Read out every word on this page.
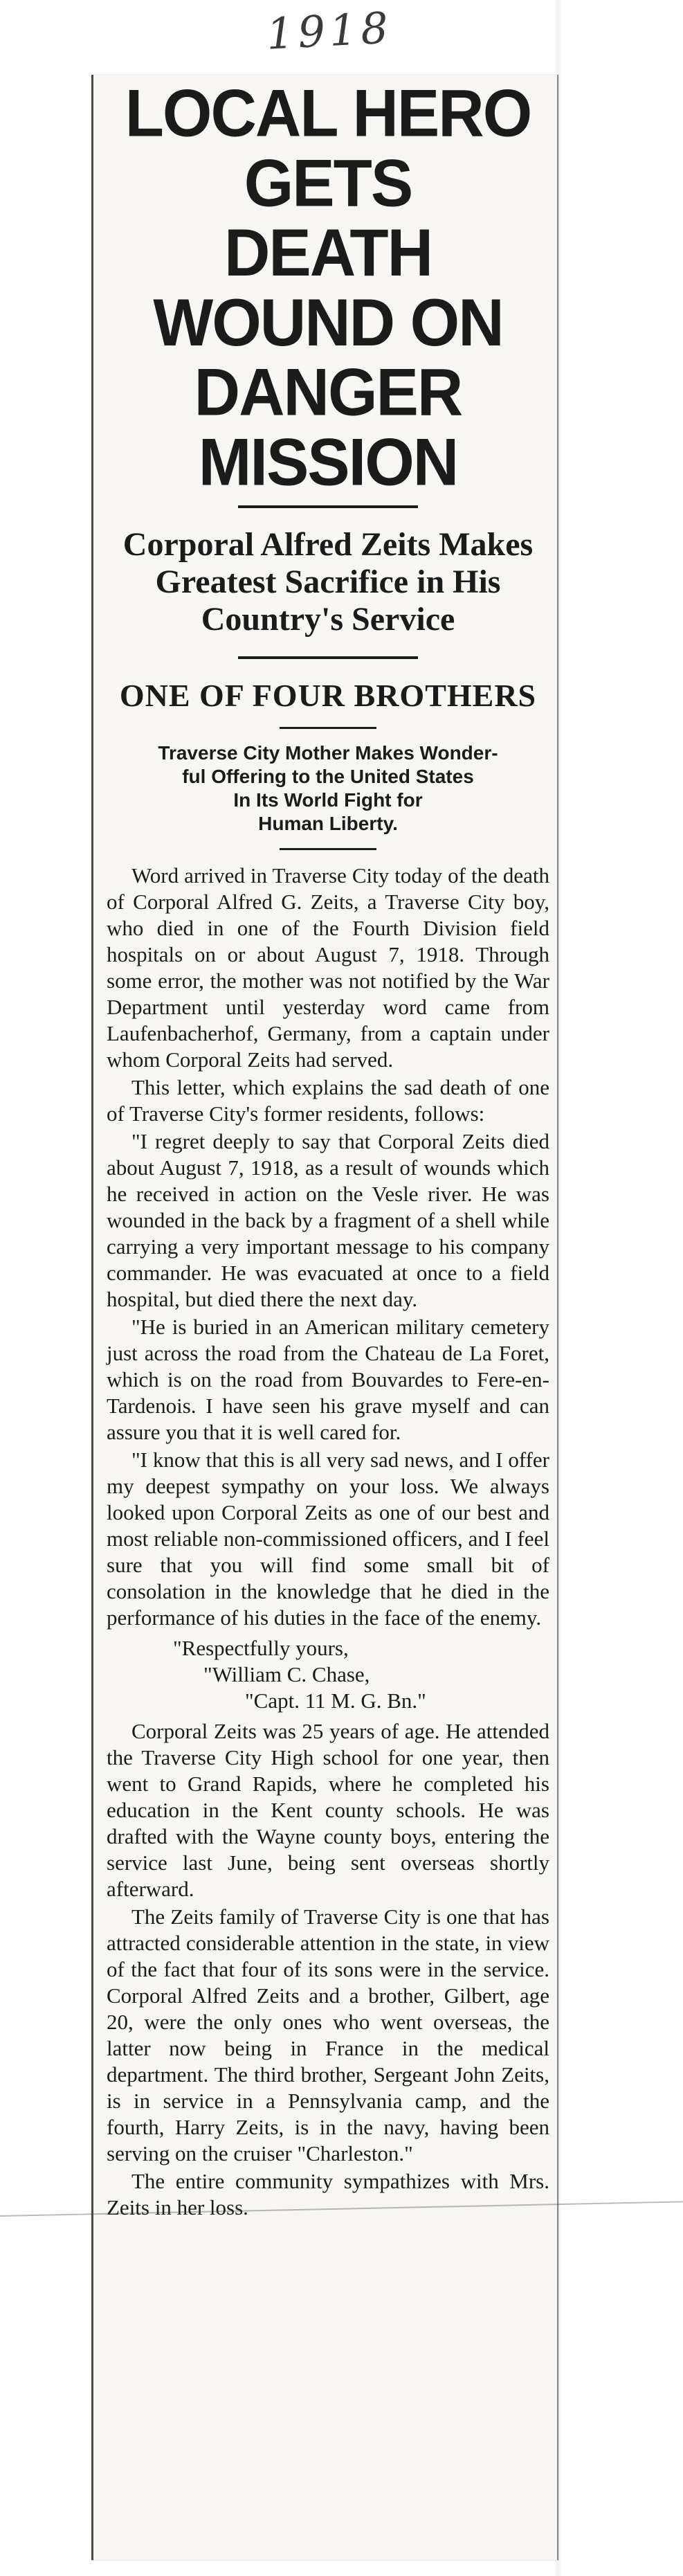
1918
LOCAL HERO GETS
DEATH WOUND ON
DANGER MISSION
Corporal Alfred Zeits Makes
Greatest Sacrifice in His
Country's Service
ONE OF FOUR BROTHERS
Traverse City Mother Makes Wonder-
ful Offering to the United States
In Its World Fight for
Human Liberty.

Word arrived in Traverse City today of the death of Corporal Alfred G. Zeits, a Traverse City boy, who died in one of the Fourth Division field hospitals on or about August 7, 1918. Through some error, the mother was not notified by the War Department until yesterday word came from Laufenbacherhof, Germany, from a captain under whom Corporal Zeits had served.

This letter, which explains the sad death of one of Traverse City's former residents, follows:

"I regret deeply to say that Corporal Zeits died about August 7, 1918, as a result of wounds which he received in action on the Vesle river. He was wounded in the back by a fragment of a shell while carrying a very important message to his company commander. He was evacuated at once to a field hospital, but died there the next day.

"He is buried in an American military cemetery just across the road from the Chateau de La Foret, which is on the road from Bouvardes to Fere-en-Tardenois. I have seen his grave myself and can assure you that it is well cared for.

"I know that this is all very sad news, and I offer my deepest sympathy on your loss. We always looked upon Corporal Zeits as one of our best and most reliable non-commissioned officers, and I feel sure that you will find some small bit of consolation in the knowledge that he died in the performance of his duties in the face of the enemy.

"Respectfully yours,
"William C. Chase,
"Capt. 11 M. G. Bn."

Corporal Zeits was 25 years of age. He attended the Traverse City High school for one year, then went to Grand Rapids, where he completed his education in the Kent county schools. He was drafted with the Wayne county boys, entering the service last June, being sent overseas shortly afterward.

The Zeits family of Traverse City is one that has attracted considerable attention in the state, in view of the fact that four of its sons were in the service. Corporal Alfred Zeits and a brother, Gilbert, age 20, were the only ones who went overseas, the latter now being in France in the medical department. The third brother, Sergeant John Zeits, is in service in a Pennsylvania camp, and the fourth, Harry Zeits, is in the navy, having been serving on the cruiser "Charleston."

The entire community sympathizes with Mrs. Zeits in her loss.
